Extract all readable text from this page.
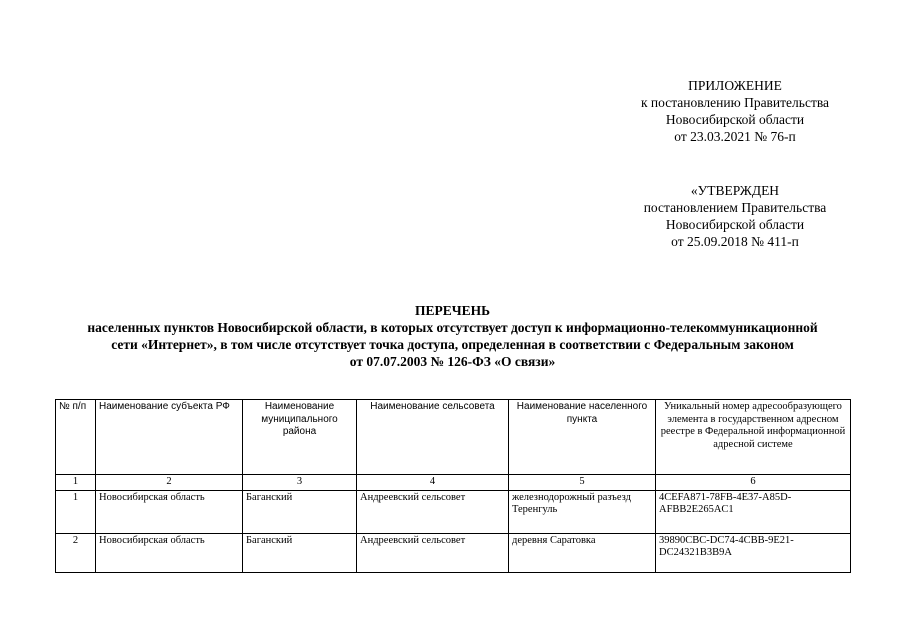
ПРИЛОЖЕНИЕ
к постановлению Правительства
Новосибирской области
от 23.03.2021 № 76-п
«УТВЕРЖДЕН
постановлением Правительства
Новосибирской области
от 25.09.2018 № 411-п
ПЕРЕЧЕНЬ
населенных пунктов Новосибирской области, в которых отсутствует доступ к информационно-телекоммуникационной
сети «Интернет», в том числе отсутствует точка доступа, определенная в соответствии с Федеральным законом
от 07.07.2003 № 126-ФЗ «О связи»
№ п/п	Наименование субъекта РФ	Наименование муниципального района	Наименование сельсовета	Наименование населенного пункта	Уникальный номер адресообразующего элемента в государственном адресном реестре в Федеральной информационной адресной системе
1	2	3	4	5	6
1	Новосибирская область	Баганский	Андреевский сельсовет	железнодорожный разъезд Теренгуль	4CEFA871-78FB-4E37-A85D-AFBB2E265AC1
2	Новосибирская область	Баганский	Андреевский сельсовет	деревня Саратовка	39890CBC-DC74-4CBB-9E21-DC24321B3B9A
